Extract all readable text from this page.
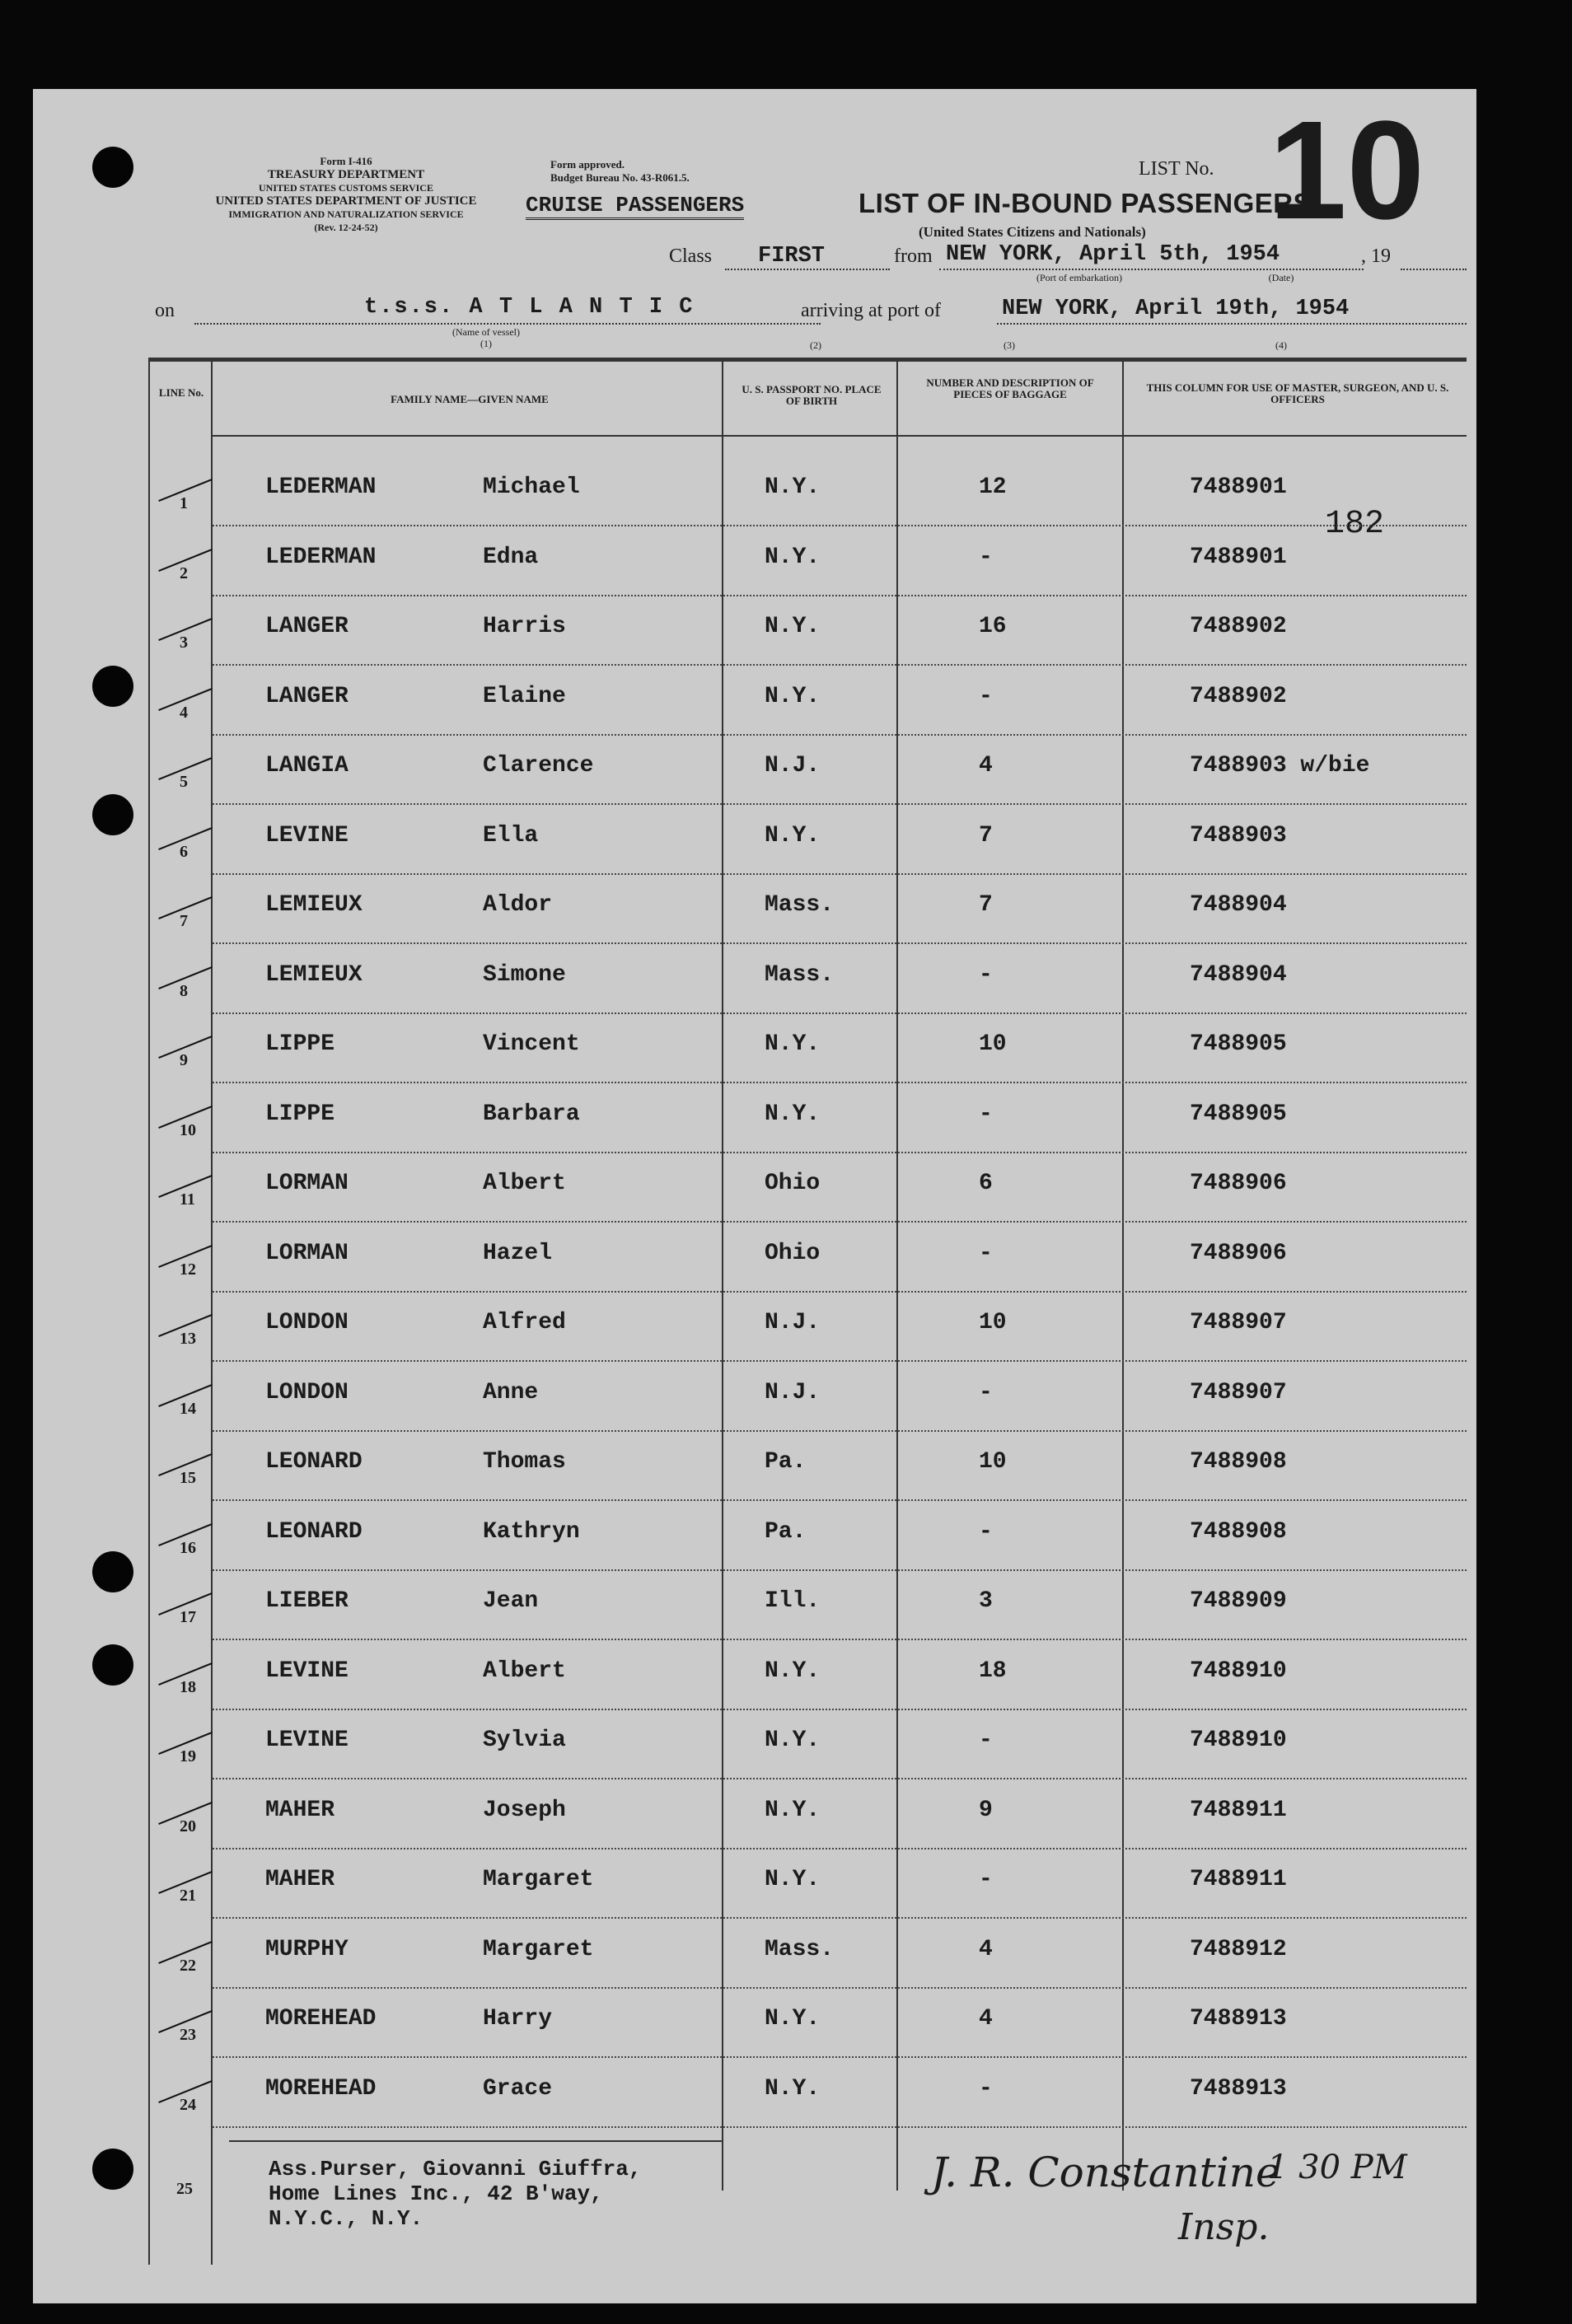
Form I-416
TREASURY DEPARTMENT
UNITED STATES CUSTOMS SERVICE
UNITED STATES DEPARTMENT OF JUSTICE
IMMIGRATION AND NATURALIZATION SERVICE
(Rev. 12-24-52)
Form approved.
Budget Bureau No. 43-R061.5.
CRUISE PASSENGERS	LIST OF IN-BOUND PASSENGERS
(United States Citizens and Nationals)
LIST No. 10
Class FIRST	from NEW YORK, April 5th, 1954	, 19
(Port of embarkation)	(Date)
on	t.s.s. A T L A N T I C
(Name of vessel)
(1)
arriving at port of	NEW YORK, April 19th, 1954
(2)	(3)	(4)
LINE No.
FAMILY NAME—GIVEN NAME
U. S. PASSPORT NO. PLACE OF BIRTH
NUMBER AND DESCRIPTION OF PIECES OF BAGGAGE
THIS COLUMN FOR USE OF MASTER, SURGEON, AND U. S. OFFICERS
182
1
LEDERMAN	Michael	N.Y.	12	7488901
2
LEDERMAN	Edna	N.Y.	-	7488901
3
LANGER	Harris	N.Y.	16	7488902
4
LANGER	Elaine	N.Y.	-	7488902
5
LANGIA	Clarence	N.J.	4	7488903 w/bie
6
LEVINE	Ella	N.Y.	7	7488903
7
LEMIEUX	Aldor	Mass.	7	7488904
8
LEMIEUX	Simone	Mass.	-	7488904
9
LIPPE	Vincent	N.Y.	10	7488905
10
LIPPE	Barbara	N.Y.	-	7488905
11
LORMAN	Albert	Ohio	6	7488906
12
LORMAN	Hazel	Ohio	-	7488906
13
LONDON	Alfred	N.J.	10	7488907
14
LONDON	Anne	N.J.	-	7488907
15
LEONARD	Thomas	Pa.	10	7488908
16
LEONARD	Kathryn	Pa.	-	7488908
17
LIEBER	Jean	Ill.	3	7488909
18
LEVINE	Albert	N.Y.	18	7488910
19
LEVINE	Sylvia	N.Y.	-	7488910
20
MAHER	Joseph	N.Y.	9	7488911
21
MAHER	Margaret	N.Y.	-	7488911
22
MURPHY	Margaret	Mass.	4	7488912
23
MOREHEAD	Harry	N.Y.	4	7488913
24
MOREHEAD	Grace	N.Y.	-	7488913
25
Ass.Purser, Giovanni Giuffra,
Home Lines Inc., 42 B'way,
N.Y.C., N.Y.
J. R. Constantine
1 30 PM
Insp.
